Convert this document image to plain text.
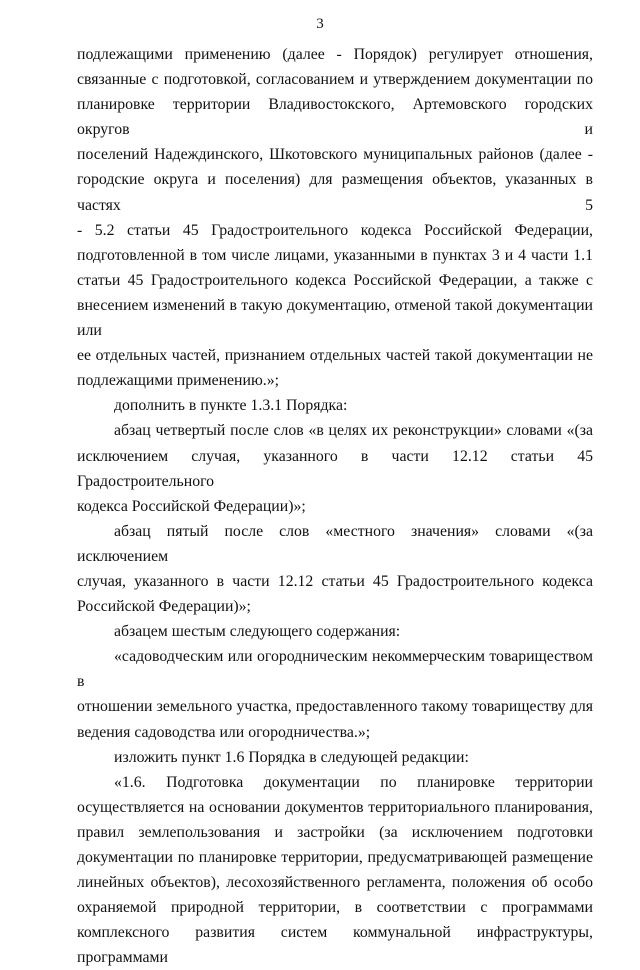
3
подлежащими применению (далее - Порядок) регулирует отношения,
связанные с подготовкой, согласованием и утверждением документации по
планировке территории Владивостокского, Артемовского городских округов и
поселений Надеждинского, Шкотовского муниципальных районов (далее -
городские округа и поселения) для размещения объектов, указанных в частях 5
- 5.2 статьи 45 Градостроительного кодекса Российской Федерации,
подготовленной в том числе лицами, указанными в пунктах 3 и 4 части 1.1
статьи 45 Градостроительного кодекса Российской Федерации, а также с
внесением изменений в такую документацию, отменой такой документации или
ее отдельных частей, признанием отдельных частей такой документации не
подлежащими применению.»;
дополнить в пункте 1.3.1 Порядка:
абзац четвертый после слов «в целях их реконструкции» словами «(за
исключением случая, указанного в части 12.12 статьи 45 Градостроительного
кодекса Российской Федерации)»;
абзац пятый после слов «местного значения» словами «(за исключением
случая, указанного в части 12.12 статьи 45 Градостроительного кодекса
Российской Федерации)»;
абзацем шестым следующего содержания:
«садоводческим или огородническим некоммерческим товариществом в
отношении земельного участка, предоставленного такому товариществу для
ведения садоводства или огородничества.»;
изложить пункт 1.6 Порядка в следующей редакции:
«1.6. Подготовка документации по планировке территории
осуществляется на основании документов территориального планирования,
правил землепользования и застройки (за исключением подготовки
документации по планировке территории, предусматривающей размещение
линейных объектов), лесохозяйственного регламента, положения об особо
охраняемой природной территории, в соответствии с программами
комплексного развития систем коммунальной инфраструктуры, программами
